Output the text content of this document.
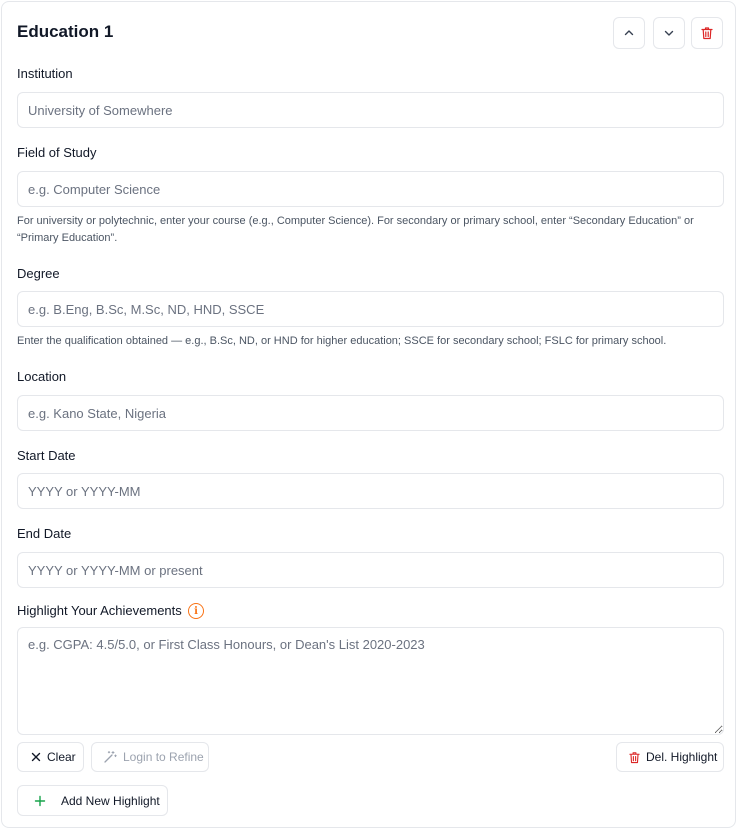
Education 1
Institution
University of Somewhere
Field of Study
e.g. Computer Science
For university or polytechnic, enter your course (e.g., Computer Science). For secondary or primary school, enter “Secondary Education” or “Primary Education”.
Degree
e.g. B.Eng, B.Sc, M.Sc, ND, HND, SSCE
Enter the qualification obtained — e.g., B.Sc, ND, or HND for higher education; SSCE for secondary school; FSLC for primary school.
Location
e.g. Kano State, Nigeria
Start Date
YYYY or YYYY-MM
End Date
YYYY or YYYY-MM or present
Highlight Your Achievements	i
e.g. CGPA: 4.5/5.0, or First Class Honours, or Dean's List 2020-2023
Clear	Login to Refine	Del. Highlight
Add New Highlight
